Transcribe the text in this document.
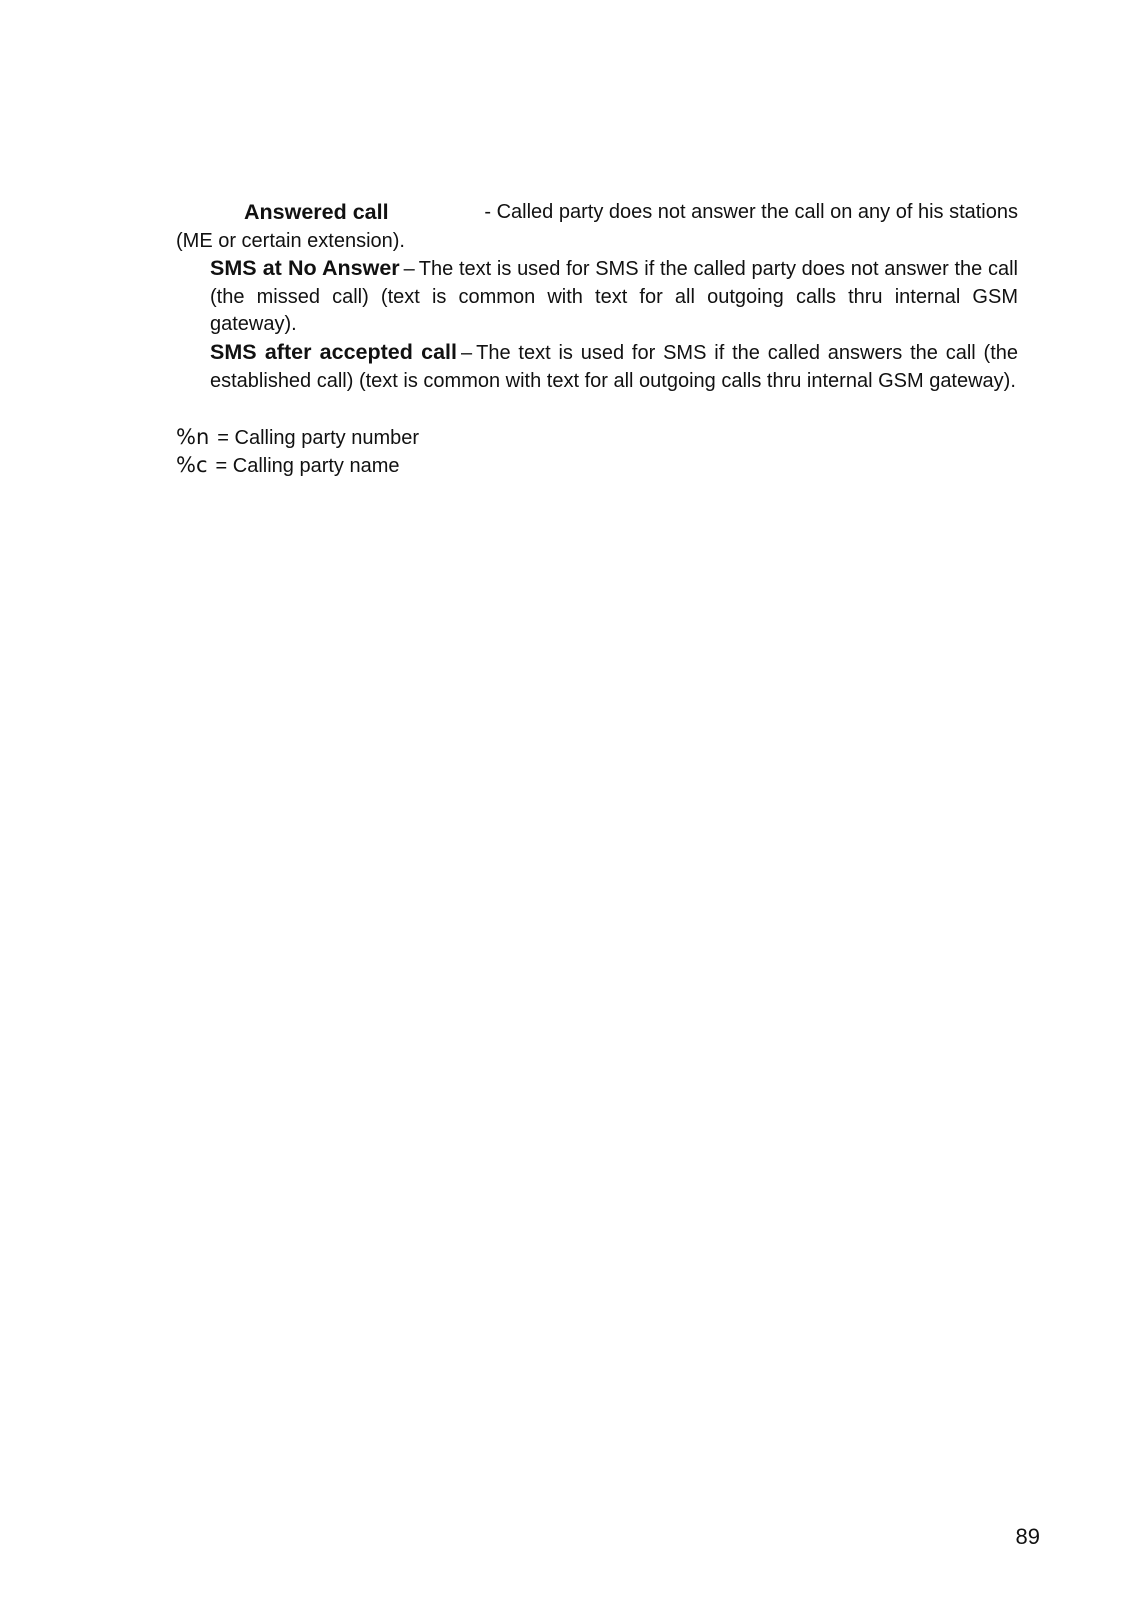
Answered call	- Called party does not answer the call on any of his stations
(ME or certain extension).
SMS at No Answer – The text is used for SMS if the called party does not answer the call (the missed call) (text is common with text for all outgoing calls thru internal GSM gateway).
SMS after accepted call – The text is used for SMS if the called answers the call (the established call) (text is common with text for all outgoing calls thru internal GSM gateway).
%n = Calling party number
%c = Calling party name
89
